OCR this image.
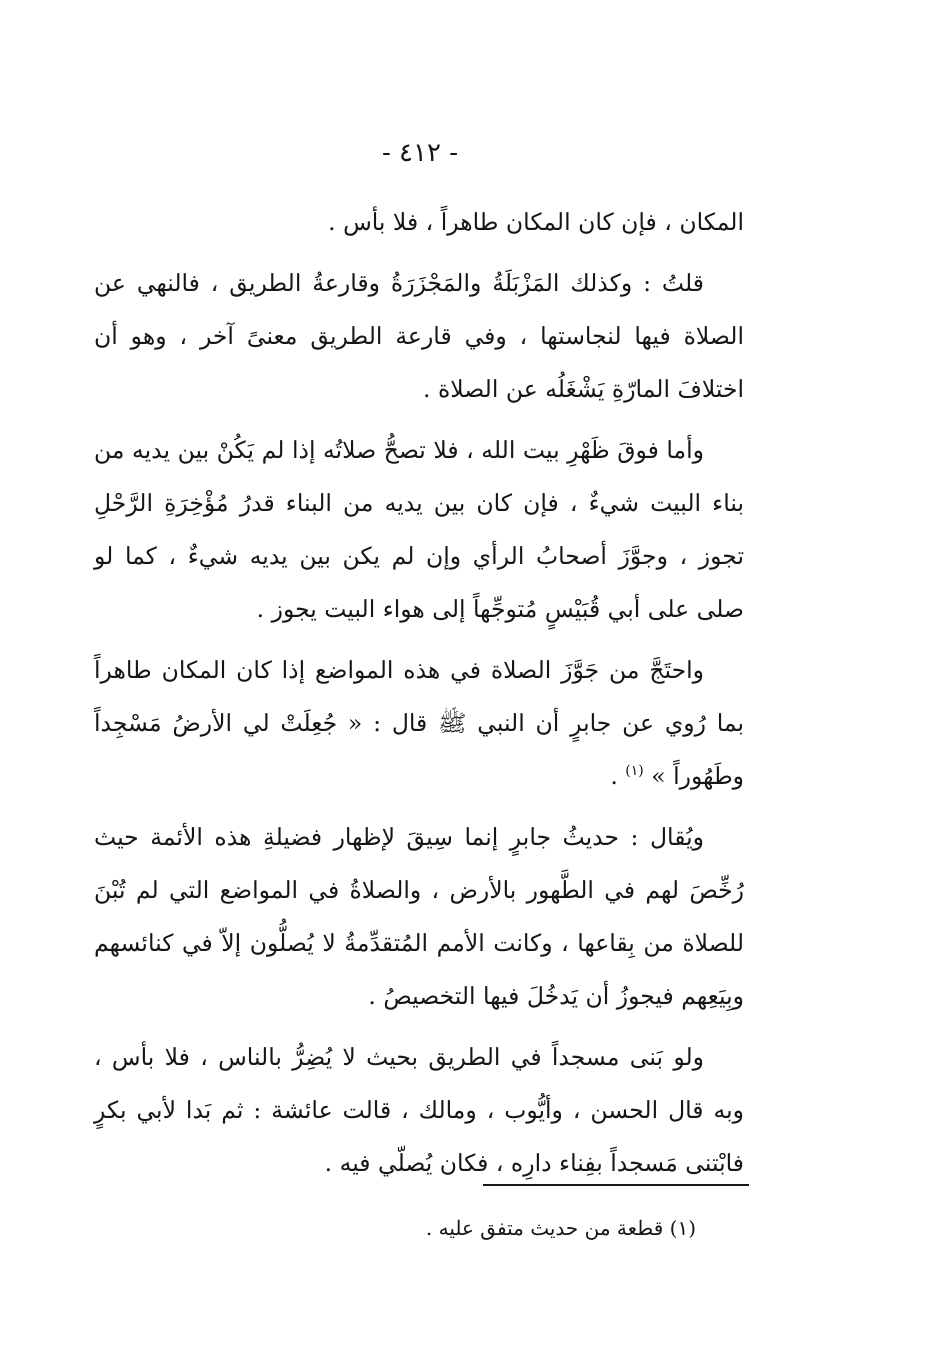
- ٤١٢ -

المكان ، فإن كان المكان طاهراً ، فلا بأس .

قلتُ : وكذلك المَزْبَلَةُ والمَجْزَرَةُ وقارعةُ الطريق ، فالنهي عن الصلاة فيها لنجاستها ، وفي قارعة الطريق معنىً آخر ، وهو أن اختلافَ المارّةِ يَشْغَلُه عن الصلاة .

وأما فوقَ ظَهْرِ بيت الله ، فلا تصحُّ صلاتُه إذا لم يَكُنْ بين يديه من بناء البيت شيءٌ ، فإن كان بين يديه من البناء قدرُ مُؤْخِرَةِ الرَّحْلِ تجوز ، وجوَّزَ أصحابُ الرأي وإن لم يكن بين يديه شيءٌ ، كما لو صلى على أبي قُبَيْسٍ مُتوجِّهاً إلى هواء البيت يجوز .

واحتَجَّ من جَوَّزَ الصلاة في هذه المواضع إذا كان المكان طاهراً بما رُوي عن جابرٍ أن النبي ﷺ قال : « جُعِلَتْ لي الأرضُ مَسْجِداً وطَهُوراً » $^{(١)}$ .

ويُقال : حديثُ جابرٍ إنما سِيقَ لإظهار فضيلةِ هذه الأئمة حيث رُخِّصَ لهم في الطَّهور بالأرض ، والصلاةُ في المواضع التي لم تُبْنَ للصلاة من بِقاعها ، وكانت الأمم المُتقدِّمةُ لا يُصلُّون إلاّ في كنائسهم وبِيَعِهم فيجوزُ أن يَدخُلَ فيها التخصيصُ .

ولو بَنى مسجداً في الطريق بحيث لا يُضِرُّ بالناس ، فلا بأس ، وبه قال الحسن ، وأيُّوب ، ومالك ، قالت عائشة : ثم بَدا لأبي بكرٍ فابْتنى مَسجداً بفِناء دارِه ، فكان يُصلّي فيه .

(١) قطعة من حديث متفق عليه .
